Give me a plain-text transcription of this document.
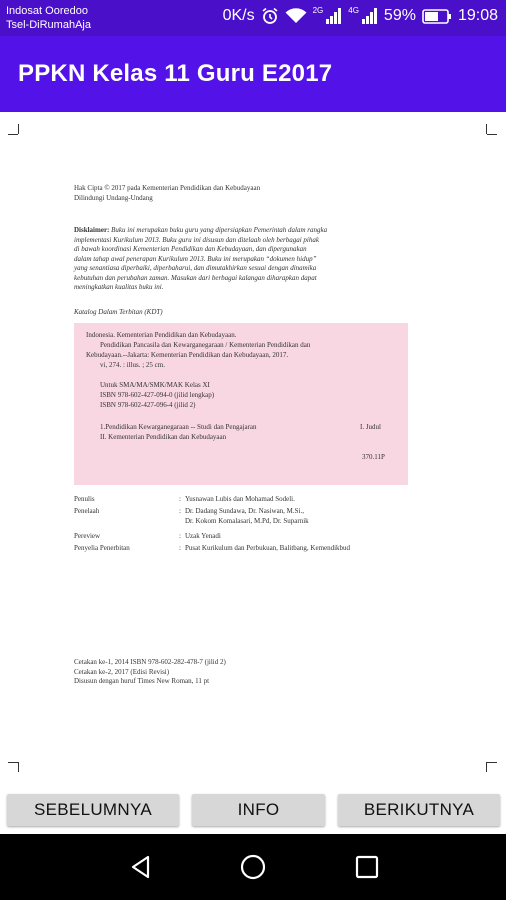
Indosat Ooredoo
Tsel-DiRumahAja
0K/s	2G	4G 59%	19:08
PPKN Kelas 11 Guru E2017
Hak Cipta © 2017 pada Kementerian Pendidikan dan Kebudayaan
Dilindungi Undang-Undang
Disklaimer: Buku ini merupakan buku guru yang dipersiapkan Pemerintah dalam rangka
implementasi Kurikulum 2013. Buku guru ini disusun dan ditelaah oleh berbagai pihak
di bawah koordinasi Kementerian Pendidikan dan Kebudayaan, dan dipergunakan
dalam tahap awal penerapan Kurikulum 2013. Buku ini merupakan “dokumen hidup”
yang senantiasa diperbaiki, diperbaharui, dan dimutakhirkan sesuai dengan dinamika
kebutuhan dan perubahan zaman. Masukan dari berbagai kalangan diharapkan dapat
meningkatkan kualitas buku ini.
Katalog Dalam Terbitan (KDT)
Indonesia. Kementerian Pendidikan dan Kebudayaan.
Pendidikan Pancasila dan Kewarganegaraan / Kementerian Pendidikan dan
Kebudayaan.--Jakarta: Kementerian Pendidikan dan Kebudayaan, 2017.
vi, 274. : illus. ; 25 cm.
Untuk SMA/MA/SMK/MAK Kelas XI
ISBN 978-602-427-094-0 (jilid lengkap)
ISBN 978-602-427-096-4 (jilid 2)
1.Pendidikan Kewarganegaraan -- Studi dan Pengajaran	I. Judul
II. Kementerian Pendidikan dan Kebudayaan
370.11P
Penulis	: Yusnawan Lubis dan Mohamad Sodeli.
Penelaah	: Dr. Dadang Sundawa, Dr. Nasiwan, M.Si.,
Dr. Kokom Komalasari, M.Pd, Dr. Suparnik
Pereview	: Uzak Yenadi
Penyelia Penerbitan	: Pusat Kurikulum dan Perbukuan, Balitbang, Kemendikbud
Cetakan ke-1, 2014 ISBN 978-602-282-478-7 (jilid 2)
Cetakan ke-2, 2017 (Edisi Revisi)
Disusun dengan huruf Times New Roman, 11 pt
SEBELUMNYA	INFO	BERIKUTNYA
